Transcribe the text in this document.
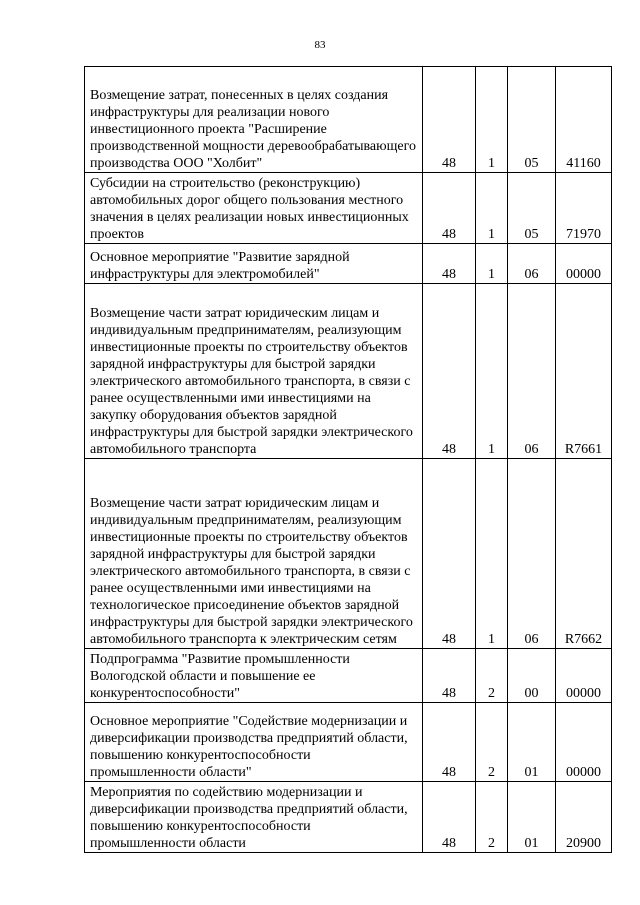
83
Возмещение затрат, понесенных в целях создания инфраструктуры для реализации нового инвестиционного проекта "Расширение производственной мощности деревообрабатывающего производства ООО "Холбит"	48	1	05	41160
Субсидии на строительство (реконструкцию) автомобильных дорог общего пользования местного значения в целях реализации новых инвестиционных проектов	48	1	05	71970
Основное мероприятие "Развитие зарядной инфраструктуры для электромобилей"	48	1	06	00000
Возмещение части затрат юридическим лицам и индивидуальным предпринимателям, реализующим инвестиционные проекты по строительству объектов зарядной инфраструктуры для быстрой зарядки электрического автомобильного транспорта, в связи с ранее осуществленными ими инвестициями на закупку оборудования объектов зарядной инфраструктуры для быстрой зарядки электрического автомобильного транспорта	48	1	06	R7661
Возмещение части затрат юридическим лицам и индивидуальным предпринимателям, реализующим инвестиционные проекты по строительству объектов зарядной инфраструктуры для быстрой зарядки электрического автомобильного транспорта, в связи с ранее осуществленными ими инвестициями на технологическое присоединение объектов зарядной инфраструктуры для быстрой зарядки электрического автомобильного транспорта к электрическим сетям	48	1	06	R7662
Подпрограмма "Развитие промышленности Вологодской области и повышение ее конкурентоспособности"	48	2	00	00000
Основное мероприятие "Содействие модернизации и диверсификации производства предприятий области, повышению конкурентоспособности промышленности области"	48	2	01	00000
Мероприятия по содействию модернизации и диверсификации производства предприятий области, повышению конкурентоспособности промышленности области	48	2	01	20900
